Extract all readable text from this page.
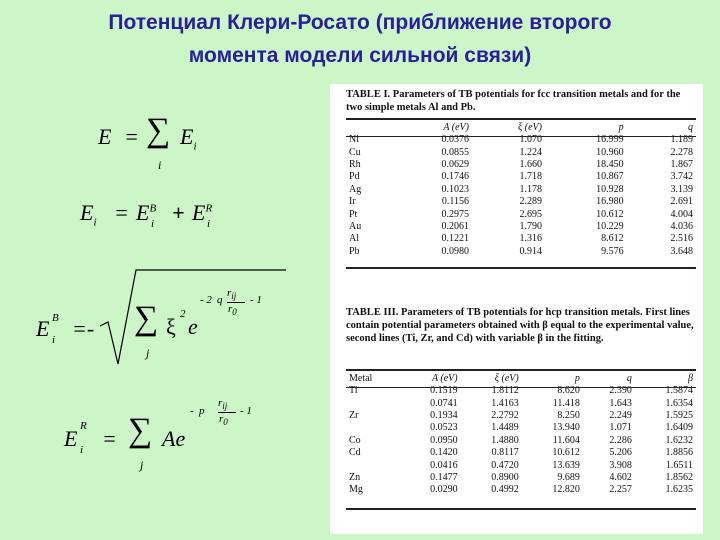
Потенциал Клери-Росато (приближение второго
момента модели сильной связи)
E = ∑
i
$E_i$
$E_i = E^B$
$i + E^R$
i
E B
i =- ∑
j
ξ 2 e
- 2 q
$r_{ij}$
$r_0$
- 1
E R
i = ∑
j
Ae
- p
$r_{ij}$
$r_0$
- 1
TABLE I. Parameters of TB potentials for fcc transition metals and for the two simple metals Al and Pb.
	A (eV)	ξ (eV)	p	q
Ni	0.0376	1.070	16.999	1.189
Cu	0.0855	1.224	10.960	2.278
Rh	0.0629	1.660	18.450	1.867
Pd	0.1746	1.718	10.867	3.742
Ag	0.1023	1.178	10.928	3.139
Ir	0.1156	2.289	16.980	2.691
Pt	0.2975	2.695	10.612	4.004
Au	0.2061	1.790	10.229	4.036
Al	0.1221	1.316	8.612	2.516
Pb	0.0980	0.914	9.576	3.648
TABLE III. Parameters of TB potentials for hcp transition metals. First lines contain potential parameters obtained with β equal to the experimental value, second lines (Ti, Zr, and Cd) with variable β in the fitting.
Metal	A (eV)	ξ (eV)	p	q	β
Ti	0.1519	1.8112	8.620	2.390	1.5874
	0.0741	1.4163	11.418	1.643	1.6354
Zr	0.1934	2.2792	8.250	2.249	1.5925
	0.0523	1.4489	13.940	1.071	1.6409
Co	0.0950	1.4880	11.604	2.286	1.6232
Cd	0.1420	0.8117	10.612	5.206	1.8856
	0.0416	0.4720	13.639	3.908	1.6511
Zn	0.1477	0.8900	9.689	4.602	1.8562
Mg	0.0290	0.4992	12.820	2.257	1.6235
